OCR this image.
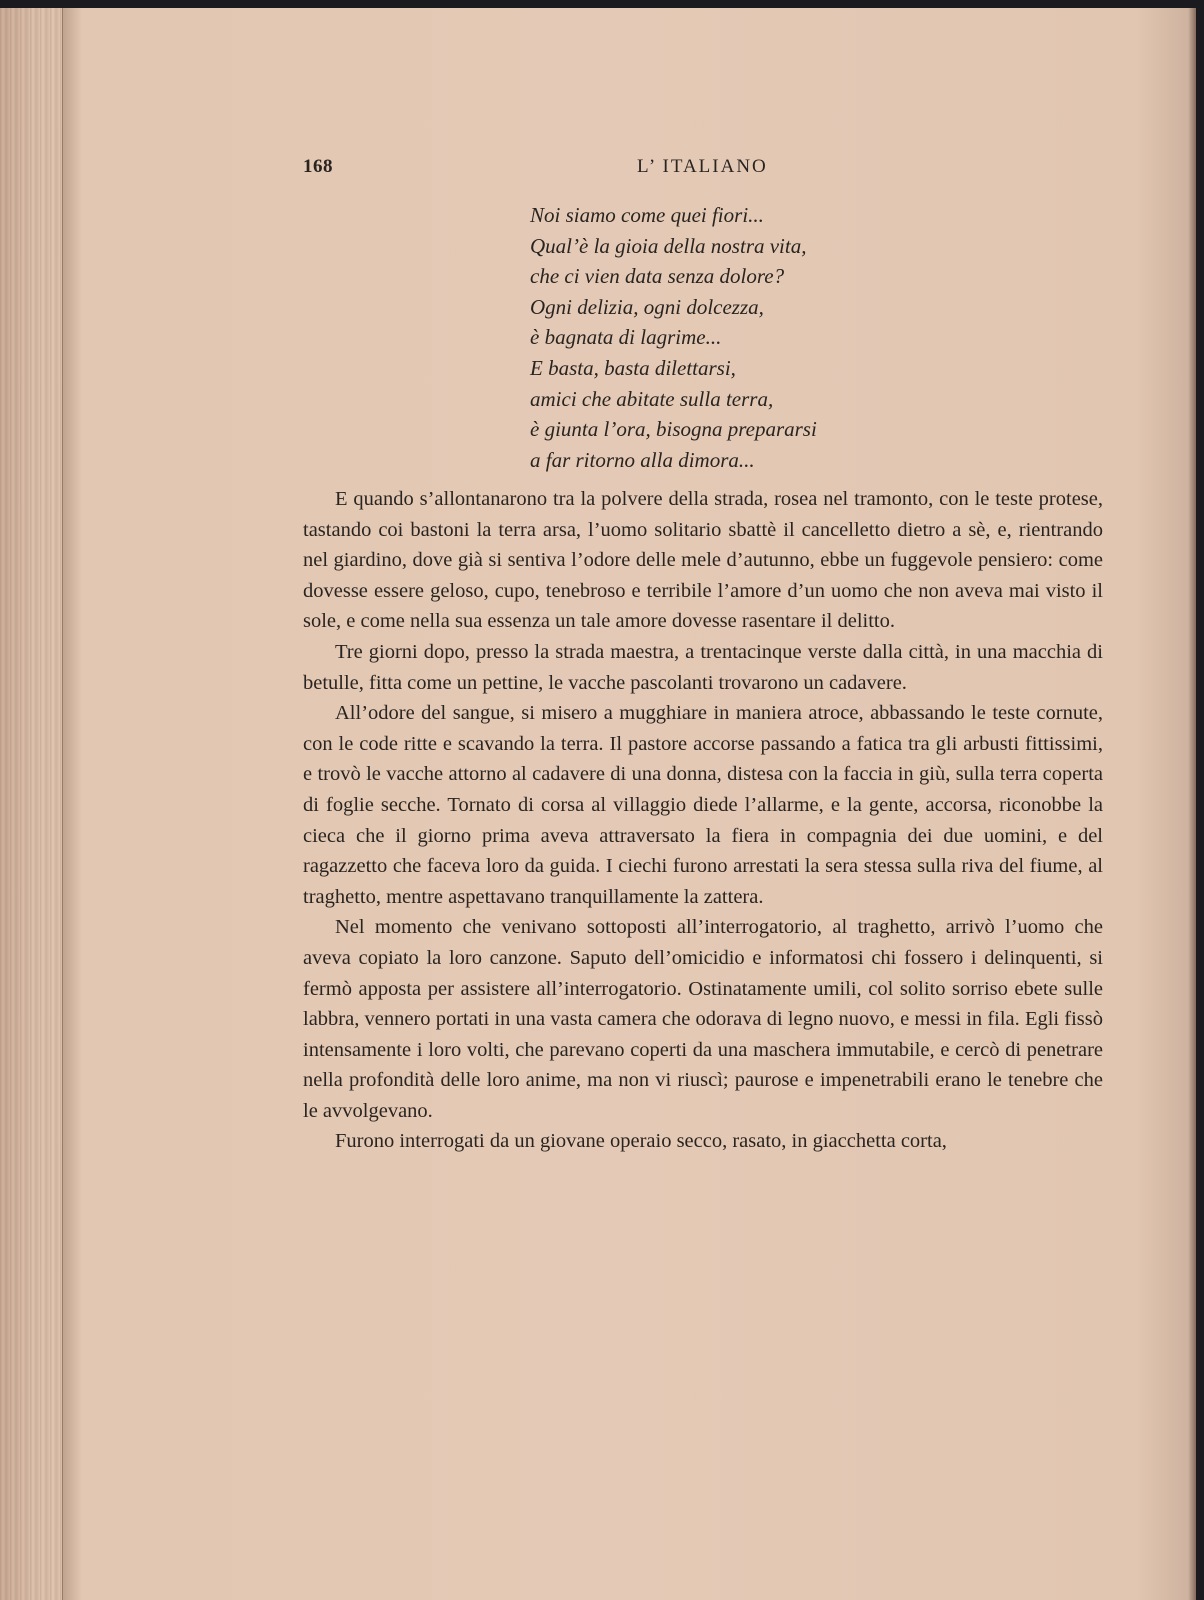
168	L’ ITALIANO
Noi siamo come quei fiori...
Qual’è la gioia della nostra vita,
che ci vien data senza dolore?
Ogni delizia, ogni dolcezza,
è bagnata di lagrime...
E basta, basta dilettarsi,
amici che abitate sulla terra,
è giunta l’ora, bisogna prepararsi
a far ritorno alla dimora...

E quando s’allontanarono tra la polvere della strada, rosea nel tramonto, con le teste protese, tastando coi bastoni la terra arsa, l’uomo solitario sbattè il cancelletto dietro a sè, e, rientrando nel giardino, dove già si sentiva l’odore delle mele d’autunno, ebbe un fuggevole pensiero: come dovesse essere geloso, cupo, tenebroso e terribile l’amore d’un uomo che non aveva mai visto il sole, e come nella sua essenza un tale amore dovesse rasentare il delitto.

Tre giorni dopo, presso la strada maestra, a trentacinque verste dalla città, in una macchia di betulle, fitta come un pettine, le vacche pascolanti trovarono un cadavere.

All’odore del sangue, si misero a mugghiare in maniera atroce, abbassando le teste cornute, con le code ritte e scavando la terra. Il pastore accorse passando a fatica tra gli arbusti fittissimi, e trovò le vacche attorno al cadavere di una donna, distesa con la faccia in giù, sulla terra coperta di foglie secche. Tornato di corsa al villaggio diede l’allarme, e la gente, accorsa, riconobbe la cieca che il giorno prima aveva attraversato la fiera in compagnia dei due uomini, e del ragazzetto che faceva loro da guida. I ciechi furono arrestati la sera stessa sulla riva del fiume, al traghetto, mentre aspettavano tranquillamente la zattera.

Nel momento che venivano sottoposti all’interrogatorio, al traghetto, arrivò l’uomo che aveva copiato la loro canzone. Saputo dell’omicidio e informatosi chi fossero i delinquenti, si fermò apposta per assistere all’interrogatorio. Ostinatamente umili, col solito sorriso ebete sulle labbra, vennero portati in una vasta camera che odorava di legno nuovo, e messi in fila. Egli fissò intensamente i loro volti, che parevano coperti da una maschera immutabile, e cercò di penetrare nella profondità delle loro anime, ma non vi riuscì; paurose e impenetrabili erano le tenebre che le avvolgevano.

Furono interrogati da un giovane operaio secco, rasato, in giacchetta corta,
